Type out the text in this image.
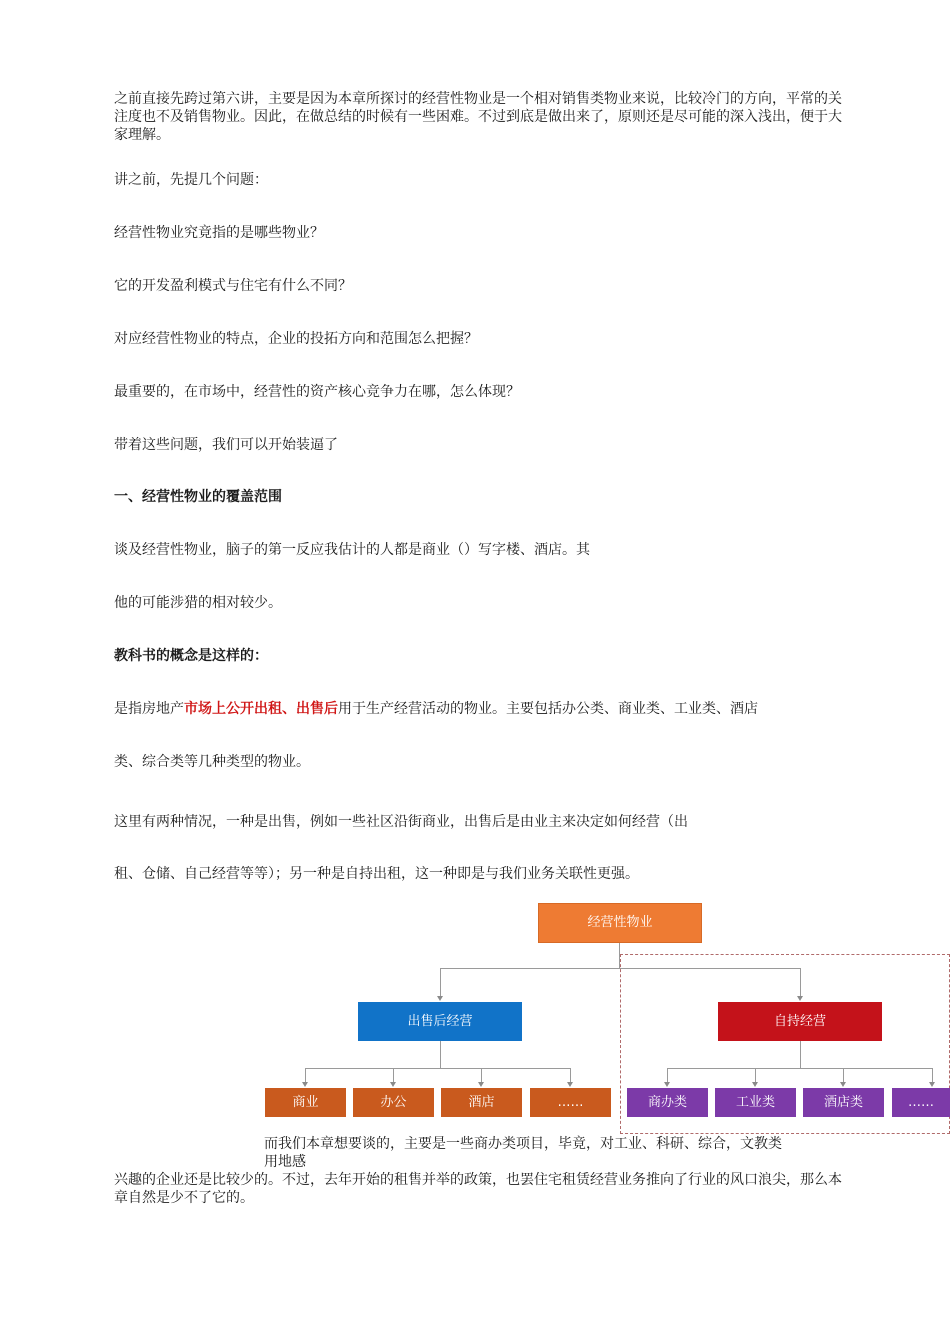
之前直接先跨过第六讲，主要是因为本章所探讨的经营性物业是一个相对销售类物业来说，比较冷门的方向，平常的关注度也不及销售物业。因此，在做总结的时候有一些困难。不过到底是做出来了，原则还是尽可能的深入浅出，便于大家理解。

讲之前，先提几个问题：

经营性物业究竟指的是哪些物业？

它的开发盈利模式与住宅有什么不同？

对应经营性物业的特点，企业的投拓方向和范围怎么把握？

最重要的，在市场中，经营性的资产核心竞争力在哪，怎么体现？

带着这些问题，我们可以开始装逼了

一、经营性物业的覆盖范围

谈及经营性物业，脑子的第一反应我估计的人都是商业（）写字楼、酒店。其

他的可能涉猎的相对较少。

教科书的概念是这样的：

是指房地产市场上公开出租、出售后用于生产经营活动的物业。主要包括办公类、商业类、工业类、酒店

类、综合类等几种类型的物业。

这里有两种情况，一种是出售，例如一些社区沿街商业，出售后是由业主来决定如何经营（出

租、仓储、自己经营等等）；另一种是自持出租，这一种即是与我们业务关联性更强。

经营性物业
出售后经营	自持经营
商业	办公	酒店	……	商办类	工业类	酒店类	……

而我们本章想要谈的，主要是一些商办类项目，毕竟，对工业、科研、综合，文教类

用地感

兴趣的企业还是比较少的。不过，去年开始的租售并举的政策，也罢住宅租赁经营业务推向了行业的风口浪尖，那么本章自然是少不了它的。
